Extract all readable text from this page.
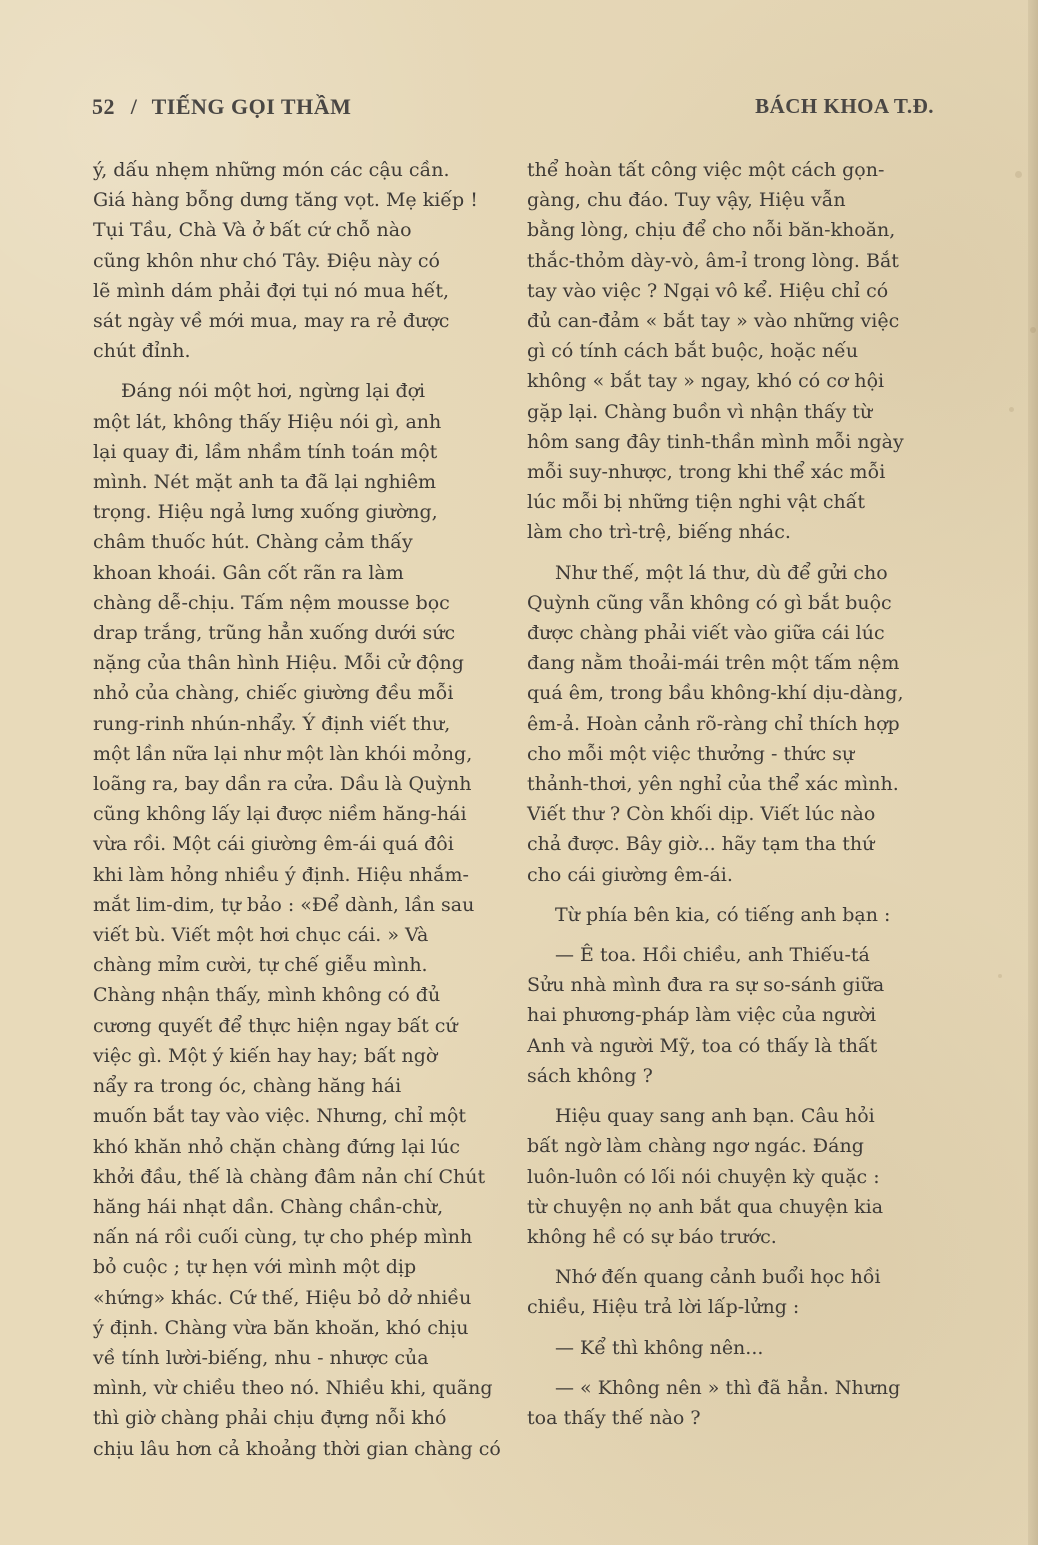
52 / TIẾNG GỌI THẦM	BÁCH KHOA T.Đ.
ý, dấu nhẹm những món các cậu cần.
Giá hàng bỗng dưng tăng vọt. Mẹ kiếp !
Tụi Tầu, Chà Và ở bất cứ chỗ nào
cũng khôn như chó Tây. Điệu này có
lẽ mình dám phải đợi tụi nó mua hết,
sát ngày về mới mua, may ra rẻ được
chút đỉnh.
Đáng nói một hơi, ngừng lại đợi
một lát, không thấy Hiệu nói gì, anh
lại quay đi, lầm nhầm tính toán một
mình. Nét mặt anh ta đã lại nghiêm
trọng. Hiệu ngả lưng xuống giường,
châm thuốc hút. Chàng cảm thấy
khoan khoái. Gân cốt rãn ra làm
chàng dễ-chịu. Tấm nệm mousse bọc
drap trắng, trũng hẳn xuống dưới sức
nặng của thân hình Hiệu. Mỗi cử động
nhỏ của chàng, chiếc giường đều mỗi
rung-rinh nhún-nhẩy. Ý định viết thư,
một lần nữa lại như một làn khói mỏng,
loãng ra, bay dần ra cửa. Dầu là Quỳnh
cũng không lấy lại được niềm hăng-hái
vừa rồi. Một cái giường êm-ái quá đôi
khi làm hỏng nhiều ý định. Hiệu nhắm-
mắt lim-dim, tự bảo : «Để dành, lần sau
viết bù. Viết một hơi chục cái. » Và
chàng mỉm cười, tự chế giễu mình.
Chàng nhận thấy, mình không có đủ
cương quyết để thực hiện ngay bất cứ
việc gì. Một ý kiến hay hay; bất ngờ
nẩy ra trong óc, chàng hăng hái
muốn bắt tay vào việc. Nhưng, chỉ một
khó khăn nhỏ chặn chàng đứng lại lúc
khởi đầu, thế là chàng đâm nản chí Chút
hăng hái nhạt dần. Chàng chần-chừ,
nấn ná rồi cuối cùng, tự cho phép mình
bỏ cuộc ; tự hẹn với mình một dịp
«hứng» khác. Cứ thế, Hiệu bỏ dở nhiều
ý định. Chàng vừa băn khoăn, khó chịu
về tính lười-biếng, nhu - nhược của
mình, vừ chiều theo nó. Nhiều khi, quãng
thì giờ chàng phải chịu đựng nỗi khó
chịu lâu hơn cả khoảng thời gian chàng có
thể hoàn tất công việc một cách gọn-
gàng, chu đáo. Tuy vậy, Hiệu vẫn
bằng lòng, chịu để cho nỗi băn-khoăn,
thắc-thỏm dày-vò, âm-ỉ trong lòng. Bắt
tay vào việc ? Ngại vô kể. Hiệu chỉ có
đủ can-đảm « bắt tay » vào những việc
gì có tính cách bắt buộc, hoặc nếu
không « bắt tay » ngay, khó có cơ hội
gặp lại. Chàng buồn vì nhận thấy từ
hôm sang đây tinh-thần mình mỗi ngày
mỗi suy-nhược, trong khi thể xác mỗi
lúc mỗi bị những tiện nghi vật chất
làm cho trì-trệ, biếng nhác.
Như thế, một lá thư, dù để gửi cho
Quỳnh cũng vẫn không có gì bắt buộc
được chàng phải viết vào giữa cái lúc
đang nằm thoải-mái trên một tấm nệm
quá êm, trong bầu không-khí dịu-dàng,
êm-ả. Hoàn cảnh rõ-ràng chỉ thích hợp
cho mỗi một việc thưởng - thức sự
thảnh-thơi, yên nghỉ của thể xác mình.
Viết thư ? Còn khối dịp. Viết lúc nào
chả được. Bây giờ... hãy tạm tha thứ
cho cái giường êm-ái.
Từ phía bên kia, có tiếng anh bạn :
— Ê toa. Hồi chiều, anh Thiếu-tá
Sửu nhà mình đưa ra sự so-sánh giữa
hai phương-pháp làm việc của người
Anh và người Mỹ, toa có thấy là thất
sách không ?
Hiệu quay sang anh bạn. Câu hỏi
bất ngờ làm chàng ngơ ngác. Đáng
luôn-luôn có lối nói chuyện kỳ quặc :
từ chuyện nọ anh bắt qua chuyện kia
không hề có sự báo trước.
Nhớ đến quang cảnh buổi học hồi
chiều, Hiệu trả lời lấp-lửng :
— Kể thì không nên...
— « Không nên » thì đã hẳn. Nhưng
toa thấy thế nào ?
